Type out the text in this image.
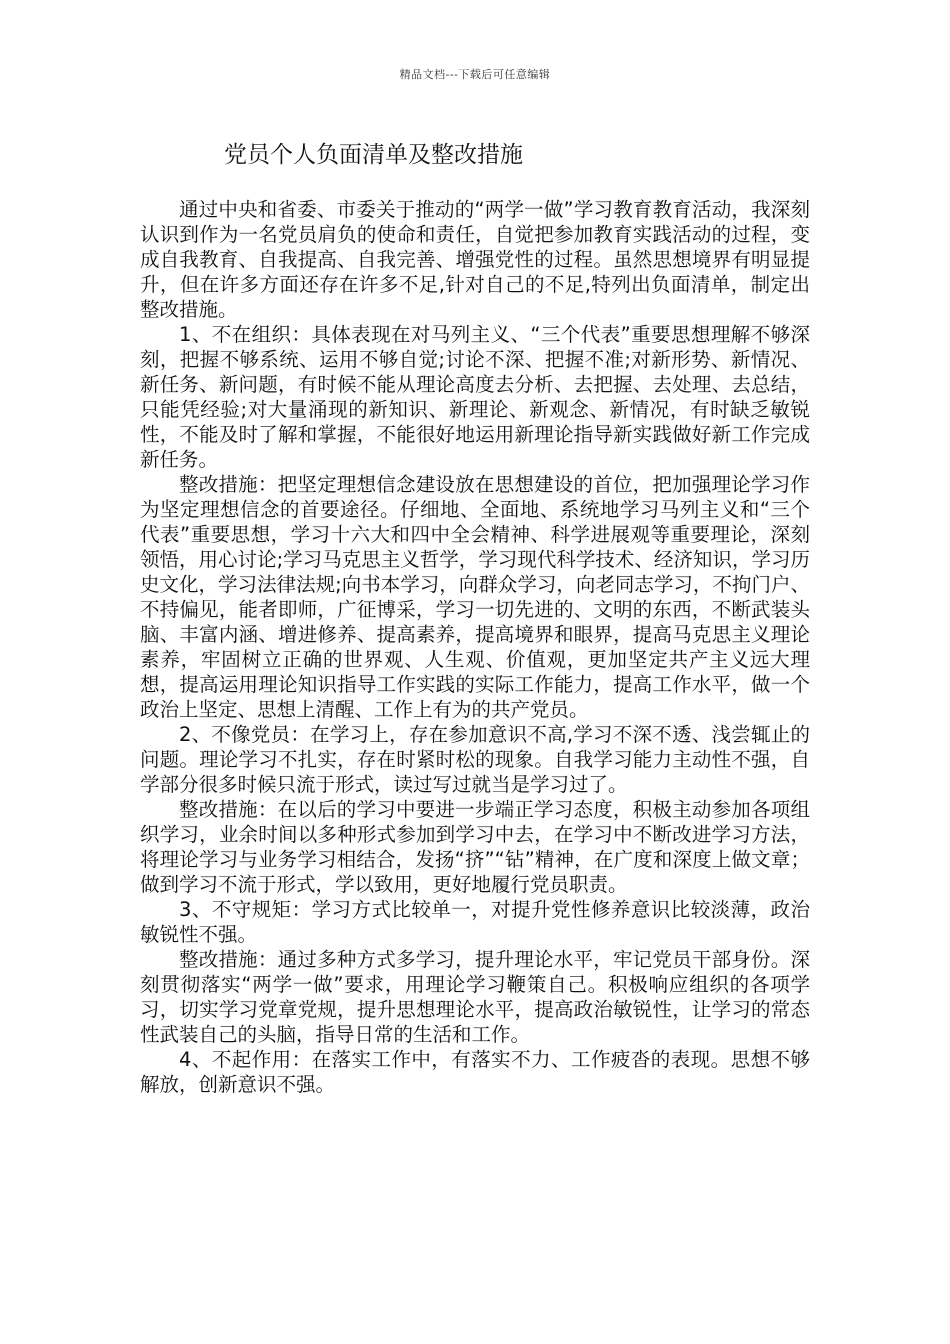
精品文档---下载后可任意编辑
党员个人负面清单及整改措施

通过中央和省委、市委关于推动的“两学一做”学习教育教育活动，我深刻认识到作为一名党员肩负的使命和责任，自觉把参加教育实践活动的过程，变成自我教育、自我提高、自我完善、增强党性的过程。虽然思想境界有明显提升，但在许多方面还存在许多不足,针对自己的不足,特列出负面清单，制定出整改措施。

1、不在组织：具体表现在对马列主义、“三个代表”重要思想理解不够深刻，把握不够系统、运用不够自觉;讨论不深、把握不准;对新形势、新情况、新任务、新问题，有时候不能从理论高度去分析、去把握、去处理、去总结，只能凭经验;对大量涌现的新知识、新理论、新观念、新情况，有时缺乏敏锐性，不能及时了解和掌握，不能很好地运用新理论指导新实践做好新工作完成新任务。

整改措施：把坚定理想信念建设放在思想建设的首位，把加强理论学习作为坚定理想信念的首要途径。仔细地、全面地、系统地学习马列主义和“三个代表”重要思想，学习十六大和四中全会精神、科学进展观等重要理论，深刻领悟，用心讨论;学习马克思主义哲学，学习现代科学技术、经济知识，学习历史文化，学习法律法规;向书本学习，向群众学习，向老同志学习，不拘门户、不持偏见，能者即师，广征博采，学习一切先进的、文明的东西，不断武装头脑、丰富内涵、增进修养、提高素养，提高境界和眼界，提高马克思主义理论素养，牢固树立正确的世界观、人生观、价值观，更加坚定共产主义远大理想，提高运用理论知识指导工作实践的实际工作能力，提高工作水平，做一个政治上坚定、思想上清醒、工作上有为的共产党员。

2、不像党员：在学习上，存在参加意识不高,学习不深不透、浅尝辄止的问题。理论学习不扎实，存在时紧时松的现象。自我学习能力主动性不强，自学部分很多时候只流于形式，读过写过就当是学习过了。

整改措施：在以后的学习中要进一步端正学习态度，积极主动参加各项组织学习，业余时间以多种形式参加到学习中去，在学习中不断改进学习方法，将理论学习与业务学习相结合，发扬“挤”“钻”精神，在广度和深度上做文章；做到学习不流于形式，学以致用，更好地履行党员职责。

3、不守规矩：学习方式比较单一，对提升党性修养意识比较淡薄，政治敏锐性不强。

整改措施：通过多种方式多学习，提升理论水平，牢记党员干部身份。深刻贯彻落实“两学一做”要求，用理论学习鞭策自己。积极响应组织的各项学习，切实学习党章党规，提升思想理论水平，提高政治敏锐性，让学习的常态性武装自己的头脑，指导日常的生活和工作。

4、不起作用：在落实工作中，有落实不力、工作疲沓的表现。思想不够解放，创新意识不强。
